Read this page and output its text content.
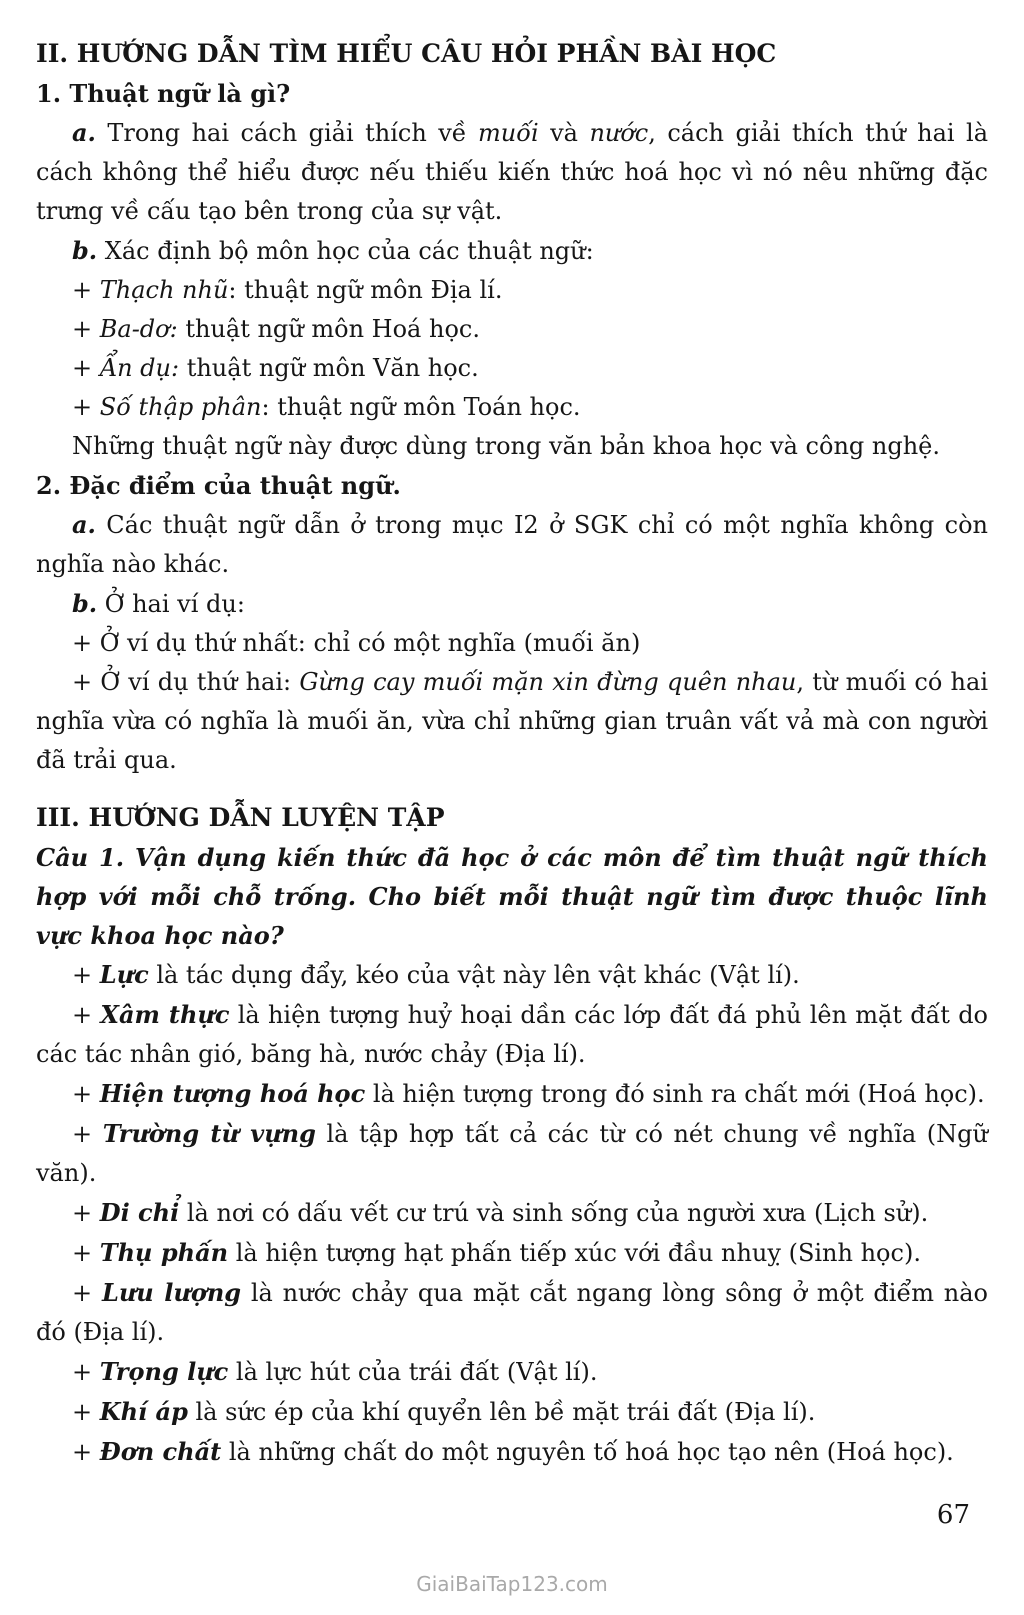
II. HƯỚNG DẪN TÌM HIỂU CÂU HỎI PHẦN BÀI HỌC

1. Thuật ngữ là gì?

a. Trong hai cách giải thích về muối và nước, cách giải thích thứ hai là cách không thể hiểu được nếu thiếu kiến thức hoá học vì nó nêu những đặc trưng về cấu tạo bên trong của sự vật.

b. Xác định bộ môn học của các thuật ngữ:

+ Thạch nhũ: thuật ngữ môn Địa lí.

+ Ba-dơ: thuật ngữ môn Hoá học.

+ Ẩn dụ: thuật ngữ môn Văn học.

+ Số thập phân: thuật ngữ môn Toán học.

Những thuật ngữ này được dùng trong văn bản khoa học và công nghệ.

2. Đặc điểm của thuật ngữ.

a. Các thuật ngữ dẫn ở trong mục I2 ở SGK chỉ có một nghĩa không còn nghĩa nào khác.

b. Ở hai ví dụ:

+ Ở ví dụ thứ nhất: chỉ có một nghĩa (muối ăn)

+ Ở ví dụ thứ hai: Gừng cay muối mặn xin đừng quên nhau, từ muối có hai nghĩa vừa có nghĩa là muối ăn, vừa chỉ những gian truân vất vả mà con người đã trải qua.

III. HƯỚNG DẪN LUYỆN TẬP

Câu 1. Vận dụng kiến thức đã học ở các môn để tìm thuật ngữ thích hợp với mỗi chỗ trống. Cho biết mỗi thuật ngữ tìm được thuộc lĩnh vực khoa học nào?

+ Lực là tác dụng đẩy, kéo của vật này lên vật khác (Vật lí).

+ Xâm thực là hiện tượng huỷ hoại dần các lớp đất đá phủ lên mặt đất do các tác nhân gió, băng hà, nước chảy (Địa lí).

+ Hiện tượng hoá học là hiện tượng trong đó sinh ra chất mới (Hoá học).

+ Trường từ vựng là tập hợp tất cả các từ có nét chung về nghĩa (Ngữ văn).

+ Di chỉ là nơi có dấu vết cư trú và sinh sống của người xưa (Lịch sử).

+ Thụ phấn là hiện tượng hạt phấn tiếp xúc với đầu nhuỵ (Sinh học).

+ Lưu lượng là nước chảy qua mặt cắt ngang lòng sông ở một điểm nào đó (Địa lí).

+ Trọng lực là lực hút của trái đất (Vật lí).

+ Khí áp là sức ép của khí quyển lên bề mặt trái đất (Địa lí).

+ Đơn chất là những chất do một nguyên tố hoá học tạo nên (Hoá học).

67
GiaiBaiTap123.com
